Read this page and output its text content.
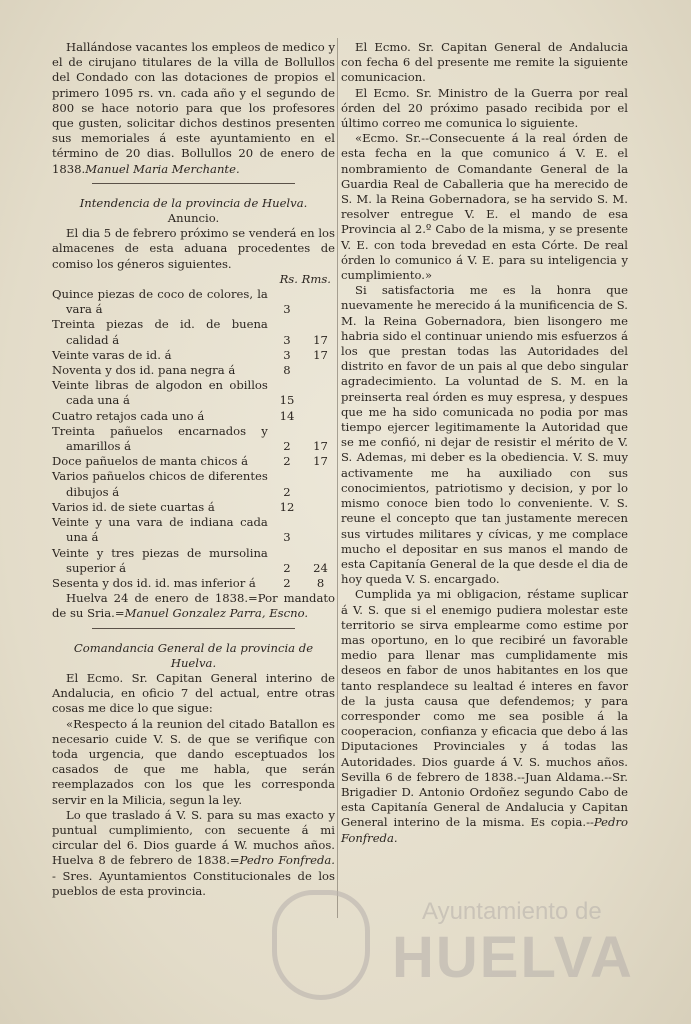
Hallándose vacantes los empleos de medico y el de cirujano titulares de la villa de Bollullos del Condado con las dotaciones de propios el primero 1095 rs. vn. cada año y el segundo de 800 se hace notorio para que los profesores que gusten, solicitar dichos destinos presenten sus memoriales á este ayuntamiento en el término de 20 dias. Bollullos 20 de enero de 1838.Manuel Maria Merchante.

Intendencia de la provincia de Huelva.

Anuncio.

El dia 5 de febrero próximo se venderá en los almacenes de esta aduana procedentes de comiso los géneros siguientes.

Rs. Rms.
Quince piezas de coco de colores, la vara á	3	
Treinta piezas de id. de buena calidad á	3	17
Veinte varas de id. á	3	17
Noventa y dos id. pana negra á	8	
Veinte libras de algodon en obillos cada una á	15	
Cuatro retajos cada uno á	14	
Treinta pañuelos encarnados y amarillos á	2	17
Doce pañuelos de manta chicos á	2	17
Varios pañuelos chicos de diferentes dibujos á	2	
Varios id. de siete cuartas á	12	
Veinte y una vara de indiana cada una á	3	
Veinte y tres piezas de mursolina superior á	2	24
Sesenta y dos id. id. mas inferior á	2	8

Huelva 24 de enero de 1838.=Por mandato de su Sria.=Manuel Gonzalez Parra, Escno.

Comandancia General de la provincia de Huelva.

El Ecmo. Sr. Capitan General interino de Andalucia, en oficio 7 del actual, entre otras cosas me dice lo que sigue:

«Respecto á la reunion del citado Batallon es necesario cuide V. S. de que se verifique con toda urgencia, que dando esceptuados los casados de que me habla, que serán reemplazados con los que les corresponda servir en la Milicia, segun la ley.

Lo que traslado á V. S. para su mas exacto y puntual cumplimiento, con secuente á mi circular del 6. Dios guarde á W. muchos años. Huelva 8 de febrero de 1838.=Pedro Fonfreda. - Sres. Ayuntamientos Constitucionales de los pueblos de esta provincia.

El Ecmo. Sr. Capitan General de Andalucia con fecha 6 del presente me remite la siguiente comunicacion.

El Ecmo. Sr. Ministro de la Guerra por real órden del 20 próximo pasado recibida por el último correo me comunica lo siguiente.

«Ecmo. Sr.--Consecuente á la real órden de esta fecha en la que comunico á V. E. el nombramiento de Comandante General de la Guardia Real de Caballeria que ha merecido de S. M. la Reina Gobernadora, se ha servido S. M. resolver entregue V. E. el mando de esa Provincia al 2.º Cabo de la misma, y se presente V. E. con toda brevedad en esta Córte. De real órden lo comunico á V. E. para su inteligencia y cumplimiento.»

Si satisfactoria me es la honra que nuevamente he merecido á la munificencia de S. M. la Reina Gobernadora, bien lisongero me habria sido el continuar uniendo mis esfuerzos á los que prestan todas las Autoridades del distrito en favor de un pais al que debo singular agradecimiento. La voluntad de S. M. en la preinserta real órden es muy espresa, y despues que me ha sido comunicada no podia por mas tiempo ejercer legitimamente la Autoridad que se me confió, ni dejar de resistir el mérito de V. S. Ademas, mi deber es la obediencia. V. S. muy activamente me ha auxiliado con sus conocimientos, patriotismo y decision, y por lo mismo conoce bien todo lo conveniente. V. S. reune el concepto que tan justamente merecen sus virtudes militares y cívicas, y me complace mucho el depositar en sus manos el mando de esta Capitanía General de la que desde el dia de hoy queda V. S. encargado.

Cumplida ya mi obligacion, réstame suplicar á V. S. que si el enemigo pudiera molestar este territorio se sirva emplearme como estime por mas oportuno, en lo que recibiré un favorable medio para llenar mas cumplidamente mis deseos en fabor de unos habitantes en los que tanto resplandece su lealtad é interes en favor de la justa causa que defendemos; y para corresponder como me sea posible á la cooperacion, confianza y eficacia que debo á las Diputaciones Provinciales y á todas las Autoridades. Dios guarde á V. S. muchos años. Sevilla 6 de febrero de 1838.--Juan Aldama.--Sr. Brigadier D. Antonio Ordoñez segundo Cabo de esta Capitanía General de Andalucia y Capitan General interino de la misma. Es copia.--Pedro Fonfreda.

Ayuntamiento de
HUELVA
